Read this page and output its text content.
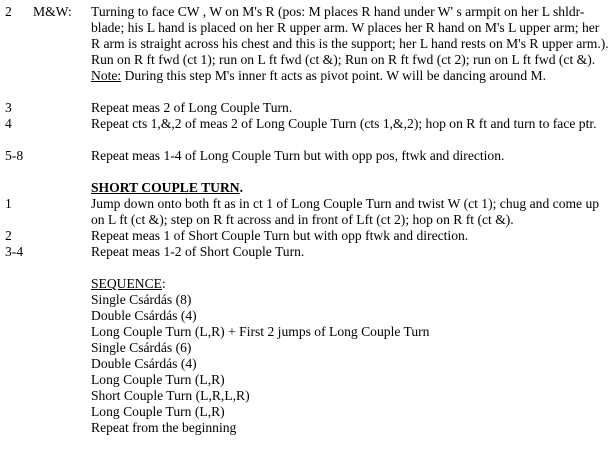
2 M&W: Turning to face CW , W on M's R (pos: M places R hand under W' s armpit on her L shldr-blade; his L hand is placed on her R upper arm. W places her R hand on M's L upper arm; her R arm is straight across his chest and this is the support; her L hand rests on M's R upper arm.). Run on R ft fwd (ct 1); run on L ft fwd (ct &); Run on R ft fwd (ct 2); run on L ft fwd (ct &). Note: During this step M's inner ft acts as pivot point. W will be dancing around M.
3	Repeat meas 2 of Long Couple Turn.
4	Repeat cts 1,&,2 of meas 2 of Long Couple Turn (cts 1,&,2); hop on R ft and turn to face ptr.
5-8	Repeat meas 1-4 of Long Couple Turn but with opp pos, ftwk and direction.
SHORT COUPLE TURN.
1	Jump down onto both ft as in ct 1 of Long Couple Turn and twist W (ct 1); chug and come up on L ft (ct &); step on R ft across and in front of Lft (ct 2); hop on R ft (ct &).
2	Repeat meas 1 of Short Couple Turn but with opp ftwk and direction.
3-4	Repeat meas 1-2 of Short Couple Turn.
SEQUENCE:
Single Csárdás (8)
Double Csárdás (4)
Long Couple Turn (L,R) + First 2 jumps of Long Couple Turn
Single Csárdás (6)
Double Csárdás (4)
Long Couple Turn (L,R)
Short Couple Turn (L,R,L,R)
Long Couple Turn (L,R)
Repeat from the beginning
